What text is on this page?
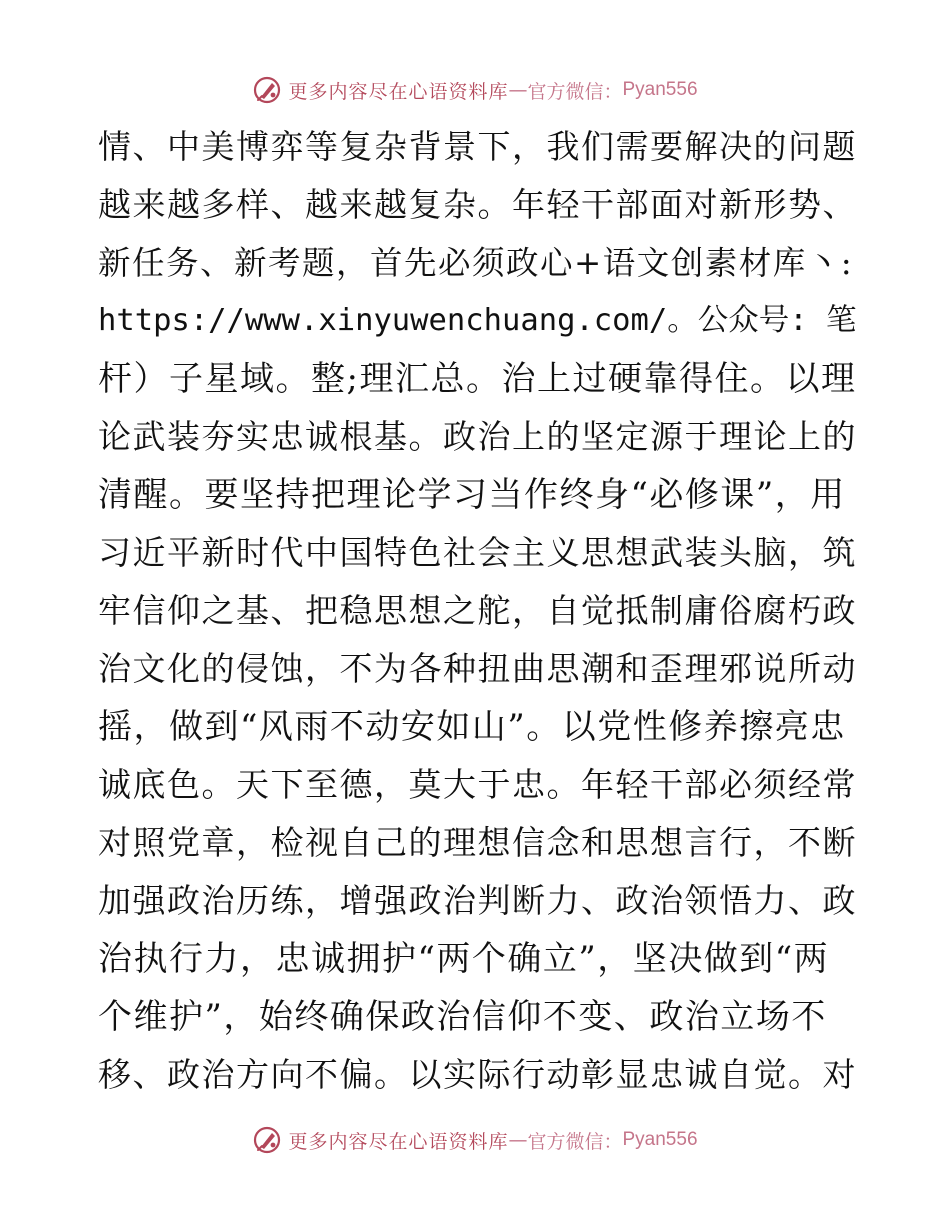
更多内容尽在心语资料库 — 官方微信： Pyan556
情、中美博弈等复杂背景下，我们需要解决的问题
越来越多样、越来越复杂。年轻干部面对新形势、
新任务、新考题，首先必须政心+语文创素材库丶:
https://www.xinyuwenchuang.com/。公众号: 笔
杆）子星域。整;理汇总。治上过硬靠得住。以理
论武装夯实忠诚根基。政治上的坚定源于理论上的
清醒。要坚持把理论学习当作终身“必修课”，用
习近平新时代中国特色社会主义思想武装头脑，筑
牢信仰之基、把稳思想之舵，自觉抵制庸俗腐朽政
治文化的侵蚀，不为各种扭曲思潮和歪理邪说所动
摇，做到“风雨不动安如山”。以党性修养擦亮忠
诚底色。天下至德，莫大于忠。年轻干部必须经常
对照党章，检视自己的理想信念和思想言行，不断
加强政治历练，增强政治判断力、政治领悟力、政
治执行力，忠诚拥护“两个确立”，坚决做到“两
个维护”，始终确保政治信仰不变、政治立场不
移、政治方向不偏。以实际行动彰显忠诚自觉。对
更多内容尽在心语资料库 — 官方微信： Pyan556
